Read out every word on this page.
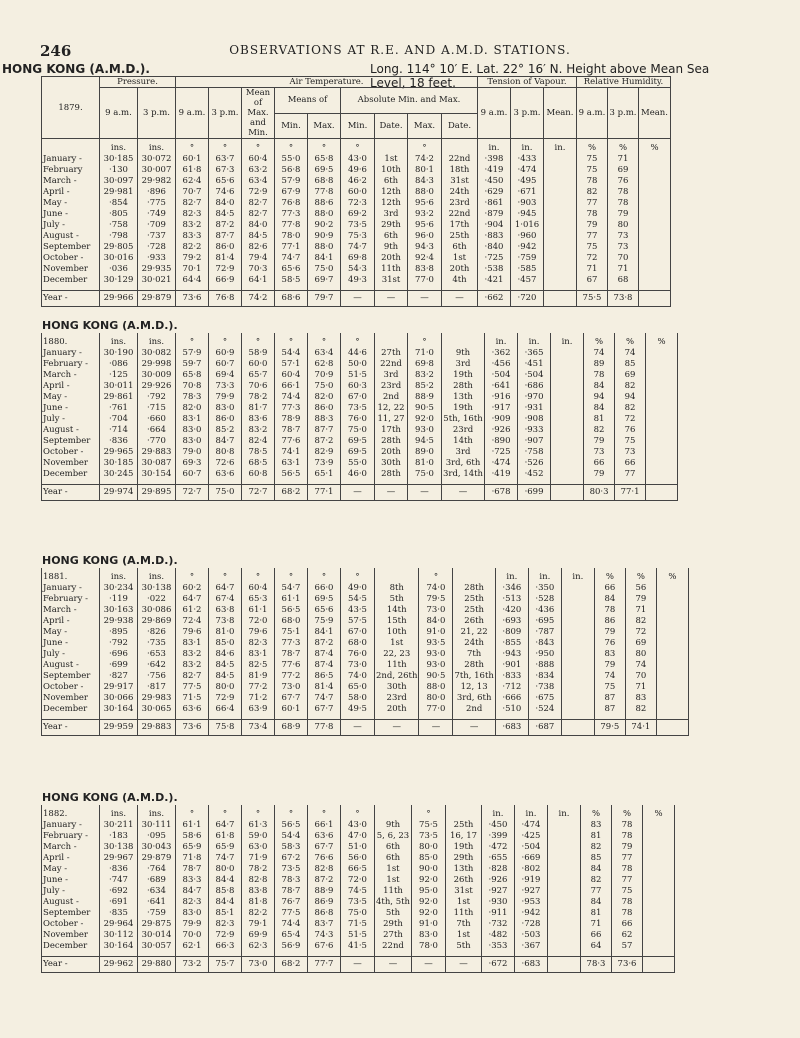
246	OBSERVATIONS AT R.E. AND A.M.D. STATIONS.
HONG KONG (A.M.D.).	Long. 114° 10′ E. Lat. 22° 16′ N. Height above Mean Sea Level, 18 feet.
1879.	Pressure.		Air Temperature.									Tension of Vapour.			Relative Humidity.		
	9 a.m.	3 p.m.	9 a.m.	3 p.m.	Mean of Max. and Min.	Means of		Absolute Min. and Max.				9 a.m.	3 p.m.	Mean.	9 a.m.	3 p.m.	Mean.
						Min.	Max.	Min.	Date.	Max.	Date.						
	ins.	ins.	°	°	°	°	°	°		°		in.	in.	in.	%	%	%
January -	30·185	30·072	60·1	63·7	60·4	55·0	65·8	43·0	1st	74·2	22nd	·398	·433		75	71	
February	·130	30·007	61·8	67·3	63·2	56·8	69·5	49·6	10th	80·1	18th	·419	·474		75	69	
March -	30·097	29·982	62·4	65·6	63·4	57·9	68·8	46·2	6th	84·3	31st	·450	·495		78	76	
April -	29·981	·896	70·7	74·6	72·9	67·9	77·8	60·0	12th	88·0	24th	·629	·671		82	78	
May -	·854	·775	82·7	84·0	82·7	76·8	88·6	72·3	12th	95·6	23rd	·861	·903		77	78	
June -	·805	·749	82·3	84·5	82·7	77·3	88·0	69·2	3rd	93·2	22nd	·879	·945		78	79	
July -	·758	·709	83·2	87·2	84·0	77·8	90·2	73·5	29th	95·6	17th	·904	1·016		79	80	
August -	·798	·737	83·3	87·7	84·5	78·0	90·9	75·3	6th	96·0	25th	·883	·960		77	73	
September	29·805	·728	82·2	86·0	82·6	77·1	88·0	74·7	9th	94·3	6th	·840	·942		75	73	
October -	30·016	·933	79·2	81·4	79·4	74·7	84·1	69·8	20th	92·4	1st	·725	·759		72	70	
November	·036	29·935	70·1	72·9	70·3	65·6	75·0	54·3	11th	83·8	20th	·538	·585		71	71	
December	30·129	30·021	64·4	66·9	64·1	58·5	69·7	49·3	31st	77·0	4th	·421	·457		67	68	
Year -	29·966	29·879	73·6	76·8	74·2	68·6	79·7	—	—	—	—	·662	·720		75·5	73·8	
HONG KONG (A.M.D.).
1880.	ins.	ins.	°	°	°	°	°	°		°		in.	in.	in.	%	%	%
January -	30·190	30·082	57·9	60·9	58·9	54·4	63·4	44·6	27th	71·0	9th	·362	·365		74	74	
February -	·086	29·998	59·7	60·7	60·0	57·1	62·8	50·0	22nd	69·8	3rd	·456	·451		89	85	
March -	·125	30·009	65·8	69·4	65·7	60·4	70·9	51·5	3rd	83·2	19th	·504	·504		78	69	
April -	30·011	29·926	70·8	73·3	70·6	66·1	75·0	60·3	23rd	85·2	28th	·641	·686		84	82	
May -	29·861	·792	78·3	79·9	78·2	74·4	82·0	67·0	2nd	88·9	13th	·916	·970		94	94	
June -	·761	·715	82·0	83·0	81·7	77·3	86·0	73·5	12, 22	90·5	19th	·917	·931		84	82	
July -	·704	·660	83·1	86·0	83·6	78·9	88·3	76·0	11, 27	92·0	5th, 16th	·909	·908		81	72	
August -	·714	·664	83·0	85·2	83·2	78·7	87·7	75·0	17th	93·0	23rd	·926	·933		82	76	
September	·836	·770	83·0	84·7	82·4	77·6	87·2	69·5	28th	94·5	14th	·890	·907		79	75	
October -	29·965	29·883	79·0	80·8	78·5	74·1	82·9	69·5	20th	89·0	3rd	·725	·758		73	73	
November	30·185	30·087	69·3	72·6	68·5	63·1	73·9	55·0	30th	81·0	3rd, 6th	·474	·526		66	66	
December	30·245	30·154	60·7	63·6	60·8	56·5	65·1	46·0	28th	75·0	3rd, 14th	·419	·452		79	77	
Year -	29·974	29·895	72·7	75·0	72·7	68·2	77·1	—	—	—	—	·678	·699		80·3	77·1	
HONG KONG (A.M.D.).
1881.	ins.	ins.	°	°	°	°	°	°		°		in.	in.	in.	%	%	%
January -	30·234	30·138	60·2	64·7	60·4	54·7	66·0	49·0	8th	74·0	28th	·346	·350		66	56	
February -	·119	·022	64·7	67·4	65·3	61·1	69·5	54·5	5th	79·5	25th	·513	·528		84	79	
March -	30·163	30·086	61·2	63·8	61·1	56·5	65·6	43·5	14th	73·0	25th	·420	·436		78	71	
April -	29·938	29·869	72·4	73·8	72·0	68·0	75·9	57·5	15th	84·0	26th	·693	·695		86	82	
May -	·895	·826	79·6	81·0	79·6	75·1	84·1	67·0	10th	91·0	21, 22	·809	·787		79	72	
June -	·792	·735	83·1	85·0	82·3	77·3	87·2	68·0	1st	93·5	24th	·855	·843		76	69	
July -	·696	·653	83·2	84·6	83·1	78·7	87·4	76·0	22, 23	93·0	7th	·943	·950		83	80	
August -	·699	·642	83·2	84·5	82·5	77·6	87·4	73·0	11th	93·0	28th	·901	·888		79	74	
September	·827	·756	82·7	84·5	81·9	77·2	86·5	74·0	2nd, 26th	90·5	7th, 16th	·833	·834		74	70	
October -	29·917	·817	77·5	80·0	77·2	73·0	81·4	65·0	30th	88·0	12, 13	·712	·738		75	71	
November	30·066	29·983	71·5	72·9	71·2	67·7	74·7	58·0	23rd	80·0	3rd, 6th	·666	·675		87	83	
December	30·164	30·065	63·6	66·4	63·9	60·1	67·7	49·5	20th	77·0	2nd	·510	·524		87	82	
Year -	29·959	29·883	73·6	75·8	73·4	68·9	77·8	—	—	—	—	·683	·687		79·5	74·1	
HONG KONG (A.M.D.).
1882.	ins.	ins.	°	°	°	°	°	°		°		in.	in.	in.	%	%	%
January -	30·211	30·111	61·1	64·7	61·3	56·5	66·1	43·0	9th	75·5	25th	·450	·474		83	78	
February -	·183	·095	58·6	61·8	59·0	54·4	63·6	47·0	5, 6, 23	73·5	16, 17	·399	·425		81	78	
March -	30·138	30·043	65·9	65·9	63·0	58·3	67·7	51·0	6th	80·0	19th	·472	·504		82	79	
April -	29·967	29·879	71·8	74·7	71·9	67·2	76·6	56·0	6th	85·0	29th	·655	·669		85	77	
May -	·836	·764	78·7	80·0	78·2	73·5	82·8	66·5	1st	90·0	13th	·828	·802		84	78	
June -	·747	·689	83·3	84·4	82·8	78·3	87·2	72·0	1st	92·0	26th	·926	·919		82	77	
July -	·692	·634	84·7	85·8	83·8	78·7	88·9	74·5	11th	95·0	31st	·927	·927		77	75	
August -	·691	·641	82·3	84·4	81·8	76·7	86·9	73·5	4th, 5th	92·0	1st	·930	·953		84	78	
September	·835	·759	83·0	85·1	82·2	77·5	86·8	75·0	5th	92·0	11th	·911	·942		81	78	
October -	29·964	29·875	79·9	82·3	79·1	74·4	83·7	71·5	29th	91·0	7th	·732	·728		71	66	
November	30·112	30·014	70·0	72·9	69·9	65·4	74·3	51·5	27th	83·0	1st	·482	·503		66	62	
December	30·164	30·057	62·1	66·3	62·3	56·9	67·6	41·5	22nd	78·0	5th	·353	·367		64	57	
Year -	29·962	29·880	73·2	75·7	73·0	68·2	77·7	—	—	—	—	·672	·683		78·3	73·6	
